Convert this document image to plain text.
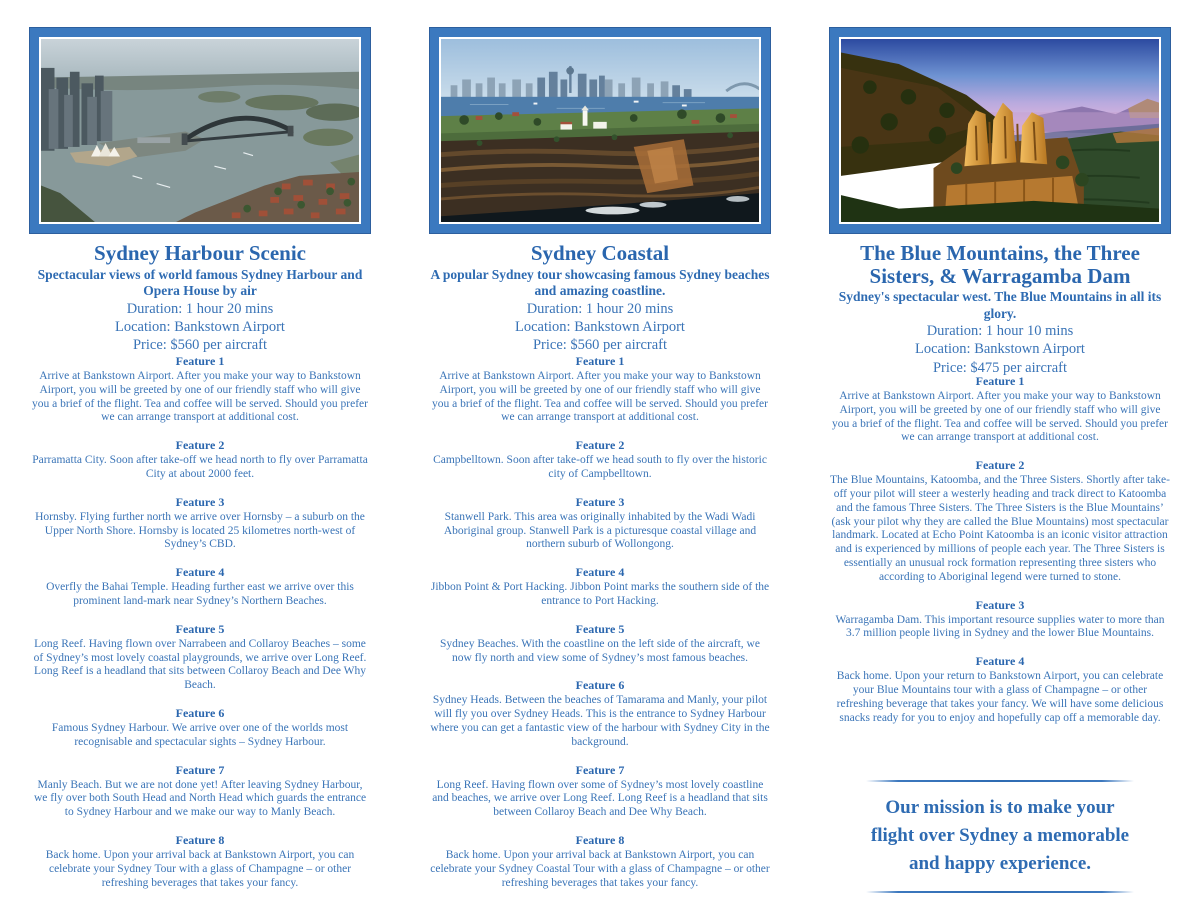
Sydney Harbour Scenic
Spectacular views of world famous Sydney Harbour and Opera House by air
Duration: 1 hour 20 mins
Location: Bankstown Airport
Price: $560 per aircraft
Feature 1
Arrive at Bankstown Airport. After you make your way to Bankstown Airport, you will be greeted by one of our friendly staff who will give you a brief of the flight. Tea and coffee will be served. Should you prefer we can arrange transport at additional cost.
Feature 2
Parramatta City. Soon after take-off we head north to fly over Parramatta City at about 2000 feet.
Feature 3
Hornsby. Flying further north we arrive over Hornsby – a suburb on the Upper North Shore. Hornsby is located 25 kilometres north-west of Sydney’s CBD.
Feature 4
Overfly the Bahai Temple. Heading further east we arrive over this prominent land-mark near Sydney’s Northern Beaches.
Feature 5
Long Reef. Having flown over Narrabeen and Collaroy Beaches – some of Sydney’s most lovely coastal playgrounds, we arrive over Long Reef. Long Reef is a headland that sits between Collaroy Beach and Dee Why Beach.
Feature 6
Famous Sydney Harbour. We arrive over one of the worlds most recognisable and spectacular sights – Sydney Harbour.
Feature 7
Manly Beach. But we are not done yet! After leaving Sydney Harbour, we fly over both South Head and North Head which guards the entrance to Sydney Harbour and we make our way to Manly Beach.
Feature 8
Back home. Upon your arrival back at Bankstown Airport, you can celebrate your Sydney Tour with a glass of Champagne – or other refreshing beverages that takes your fancy.
Sydney Coastal
A popular Sydney tour showcasing famous Sydney beaches and amazing coastline.
Duration: 1 hour 20 mins
Location: Bankstown Airport
Price: $560 per aircraft
Feature 1
Arrive at Bankstown Airport. After you make your way to Bankstown Airport, you will be greeted by one of our friendly staff who will give you a brief of the flight. Tea and coffee will be served. Should you prefer we can arrange transport at additional cost.
Feature 2
Campbelltown. Soon after take-off we head south to fly over the historic city of Campbelltown.
Feature 3
Stanwell Park. This area was originally inhabited by the Wadi Wadi Aboriginal group. Stanwell Park is a picturesque coastal village and northern suburb of Wollongong.
Feature 4
Jibbon Point & Port Hacking. Jibbon Point marks the southern side of the entrance to Port Hacking.
Feature 5
Sydney Beaches. With the coastline on the left side of the aircraft, we now fly north and view some of Sydney’s most famous beaches.
Feature 6
Sydney Heads. Between the beaches of Tamarama and Manly, your pilot will fly you over Sydney Heads. This is the entrance to Sydney Harbour where you can get a fantastic view of the harbour with Sydney City in the background.
Feature 7
Long Reef. Having flown over some of Sydney’s most lovely coastline and beaches, we arrive over Long Reef. Long Reef is a headland that sits between Collaroy Beach and Dee Why Beach.
Feature 8
Back home. Upon your arrival back at Bankstown Airport, you can celebrate your Sydney Coastal Tour with a glass of Champagne – or other refreshing beverages that takes your fancy.
The Blue Mountains, the Three Sisters, & Warragamba Dam
Sydney's spectacular west. The Blue Mountains in all its glory.
Duration: 1 hour 10 mins
Location: Bankstown Airport
Price: $475 per aircraft
Feature 1
Arrive at Bankstown Airport. After you make your way to Bankstown Airport, you will be greeted by one of our friendly staff who will give you a brief of the flight. Tea and coffee will be served. Should you prefer we can arrange transport at additional cost.
Feature 2
The Blue Mountains, Katoomba, and the Three Sisters. Shortly after take-off your pilot will steer a westerly heading and track direct to Katoomba and the famous Three Sisters. The Three Sisters is the Blue Mountains’ (ask your pilot why they are called the Blue Mountains) most spectacular landmark. Located at Echo Point Katoomba is an iconic visitor attraction and is experienced by millions of people each year. The Three Sisters is essentially an unusual rock formation representing three sisters who according to Aboriginal legend were turned to stone.
Feature 3
Warragamba Dam. This important resource supplies water to more than 3.7 million people living in Sydney and the lower Blue Mountains.
Feature 4
Back home. Upon your return to Bankstown Airport, you can celebrate your Blue Mountains tour with a glass of Champagne – or other refreshing beverage that takes your fancy. We will have some delicious snacks ready for you to enjoy and hopefully cap off a memorable day.
Our mission is to make your flight over Sydney a memorable and happy experience.
